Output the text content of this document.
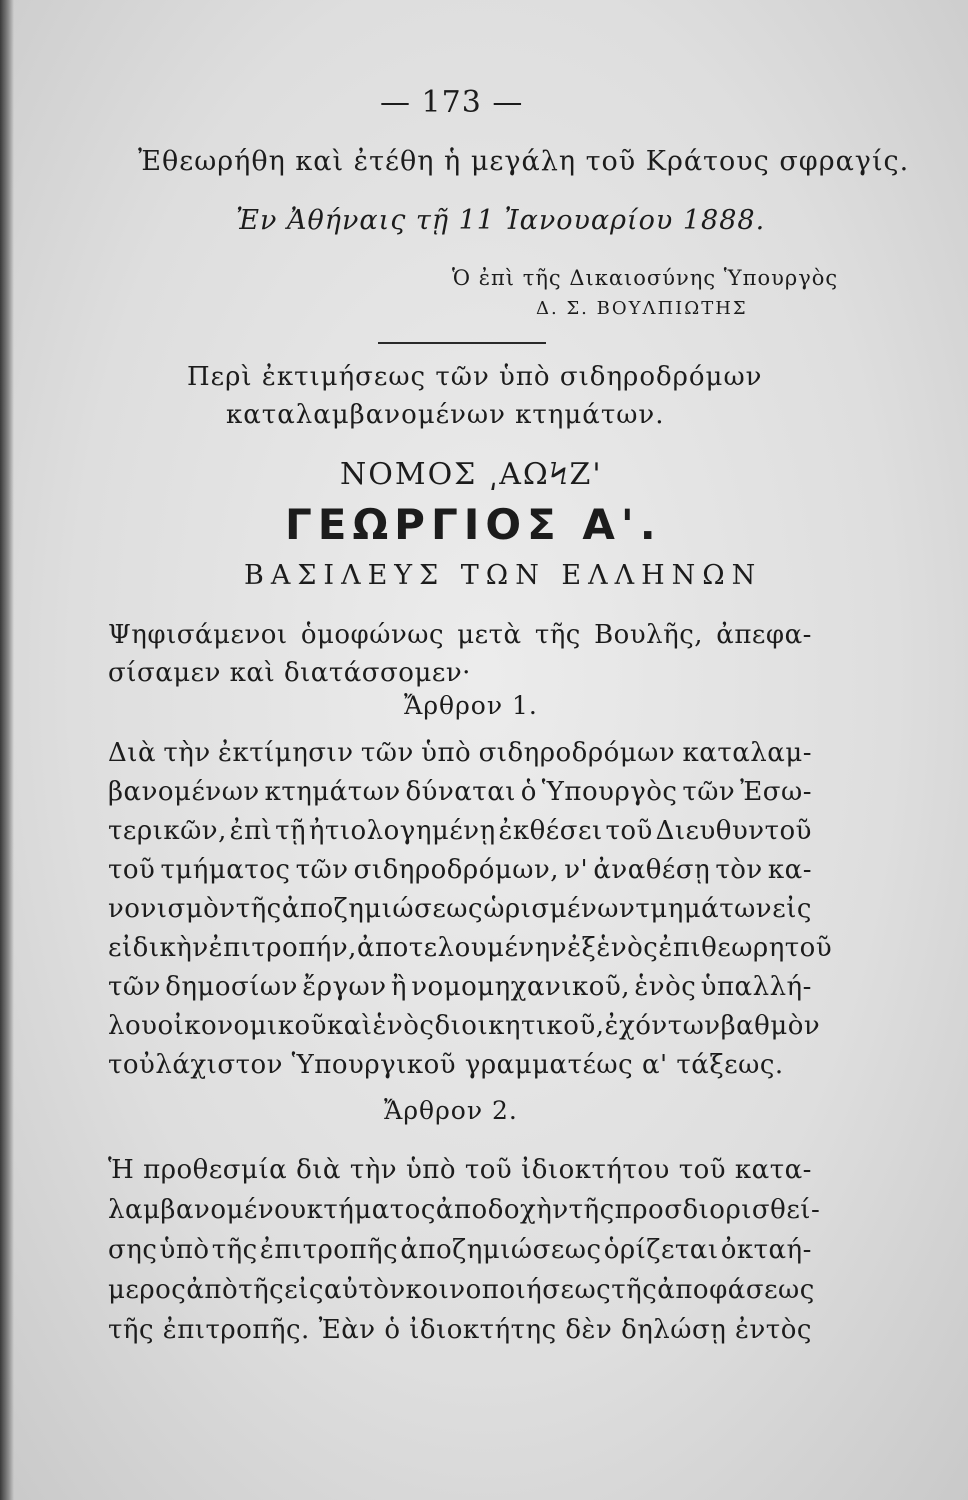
— 173 —
Ἐθεωρήθη καὶ ἐτέθη ἡ μεγάλη τοῦ Κράτους σφραγίς.
Ἐν Ἀθήναις τῇ 11 Ἰανουαρίου 1888.
Ὁ ἐπὶ τῆς Δικαιοσύνης Ὑπουργὸς
Δ. Σ. ΒΟΥΛΠΙΩΤΗΣ
Περὶ ἐκτιμήσεως τῶν ὑπὸ σιδηροδρόμων
καταλαμβανομένων κτημάτων.
ΝΟΜΟΣ ͵ΑΩϞΖ'
ΓΕΩΡΓΙΟΣ Α'.
ΒΑΣΙΛΕΥΣ ΤΩΝ ΕΛΛΗΝΩΝ
Ψηφισάμενοι ὁμοφώνως μετὰ τῆς Βουλῆς, ἀπεφα-
σίσαμεν καὶ διατάσσομεν·
Ἄρθρον 1.
Διὰ τὴν ἐκτίμησιν τῶν ὑπὸ σιδηροδρόμων καταλαμ-
βανομένων κτημάτων δύναται ὁ Ὑπουργὸς τῶν Ἐσω-
τερικῶν, ἐπὶ τῇ ἠτιολογημένῃ ἐκθέσει τοῦ Διευθυντοῦ
τοῦ τμήματος τῶν σιδηροδρόμων, ν' ἀναθέσῃ τὸν κα-
νονισμὸν τῆς ἀποζημιώσεως ὡρισμένων τμημάτων εἰς
εἰδικὴν ἐπιτροπήν, ἀποτελουμένην ἐξ ἑνὸς ἐπιθεωρητοῦ
τῶν δημοσίων ἔργων ἢ νομομηχανικοῦ, ἑνὸς ὑπαλλή-
λου οἰκονομικοῦ καὶ ἑνὸς διοικητικοῦ, ἐχόντων βαθμὸν
τοὐλάχιστον Ὑπουργικοῦ γραμματέως α' τάξεως.
Ἄρθρον 2.
Ἡ προθεσμία διὰ τὴν ὑπὸ τοῦ ἰδιοκτήτου τοῦ κατα-
λαμβανομένου κτήματος ἀποδοχὴν τῆς προσδιορισθεί-
σης ὑπὸ τῆς ἐπιτροπῆς ἀποζημιώσεως ὁρίζεται ὀκταή-
μερος ἀπὸ τῆς εἰς αὐτὸν κοινοποιήσεως τῆς ἀποφάσεως
τῆς ἐπιτροπῆς. Ἐὰν ὁ ἰδιοκτήτης δὲν δηλώσῃ ἐντὸς
